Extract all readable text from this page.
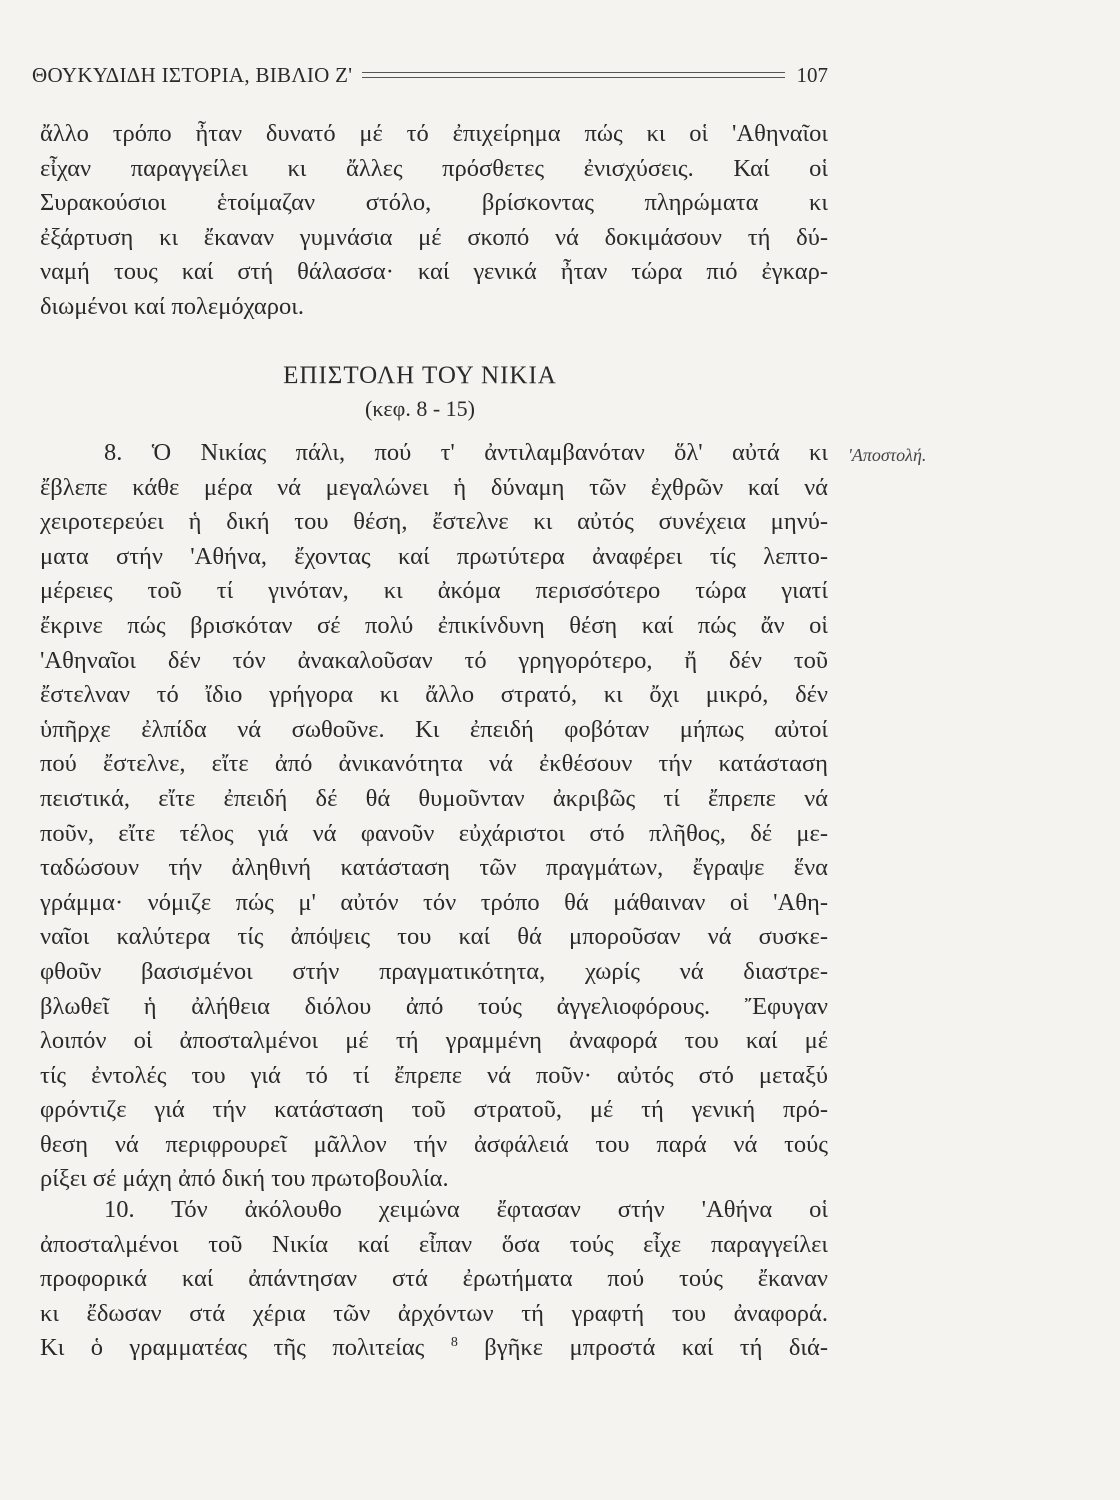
ΘΟΥΚΥΔΙΔΗ ΙΣΤΟΡΙΑ, ΒΙΒΛΙΟ Ζ'	107
ἄλλο τρόπο ἦταν δυνατό μέ τό ἐπιχείρημα πώς κι οἱ 'Αθηναῖοι
εἶχαν παραγγείλει κι ἄλλες πρόσθετες ἐνισχύσεις. Καί οἱ
Συρακούσιοι ἑτοίμαζαν στόλο, βρίσκοντας πληρώματα κι
ἐξάρτυση κι ἔκαναν γυμνάσια μέ σκοπό νά δοκιμάσουν τή δύ-
ναμή τους καί στή θάλασσα· καί γενικά ἦταν τώρα πιό ἐγκαρ-
διωμένοι καί πολεμόχαροι.
ΕΠΙΣΤΟΛΗ ΤΟΥ ΝΙΚΙΑ
(κεφ. 8 - 15)
'Αποστολή.
8. Ὁ Νικίας πάλι, πού τ' ἀντιλαμβανόταν ὅλ' αὐτά κι
ἔβλεπε κάθε μέρα νά μεγαλώνει ἡ δύναμη τῶν ἐχθρῶν καί νά
χειροτερεύει ἡ δική του θέση, ἔστελνε κι αὐτός συνέχεια μηνύ-
ματα στήν 'Αθήνα, ἔχοντας καί πρωτύτερα ἀναφέρει τίς λεπτο-
μέρειες τοῦ τί γινόταν, κι ἀκόμα περισσότερο τώρα γιατί
ἔκρινε πώς βρισκόταν σέ πολύ ἐπικίνδυνη θέση καί πώς ἄν οἱ
'Αθηναῖοι δέν τόν ἀνακαλοῦσαν τό γρηγορότερο, ἤ δέν τοῦ
ἔστελναν τό ἴδιο γρήγορα κι ἄλλο στρατό, κι ὄχι μικρό, δέν
ὑπῆρχε ἐλπίδα νά σωθοῦνε. Κι ἐπειδή φοβόταν μήπως αὐτοί
πού ἔστελνε, εἴτε ἀπό ἀνικανότητα νά ἐκθέσουν τήν κατάσταση
πειστικά, εἴτε ἐπειδή δέ θά θυμοῦνταν ἀκριβῶς τί ἔπρεπε νά
ποῦν, εἴτε τέλος γιά νά φανοῦν εὐχάριστοι στό πλῆθος, δέ με-
ταδώσουν τήν ἀληθινή κατάσταση τῶν πραγμάτων, ἔγραψε ἕνα
γράμμα· νόμιζε πώς μ' αὐτόν τόν τρόπο θά μάθαιναν οἱ 'Αθη-
ναῖοι καλύτερα τίς ἀπόψεις του καί θά μποροῦσαν νά συσκε-
φθοῦν βασισμένοι στήν πραγματικότητα, χωρίς νά διαστρε-
βλωθεῖ ἡ ἀλήθεια διόλου ἀπό τούς ἀγγελιοφόρους. Ἔφυγαν
λοιπόν οἱ ἀποσταλμένοι μέ τή γραμμένη ἀναφορά του καί μέ
τίς ἐντολές του γιά τό τί ἔπρεπε νά ποῦν· αὐτός στό μεταξύ
φρόντιζε γιά τήν κατάσταση τοῦ στρατοῦ, μέ τή γενική πρό-
θεση νά περιφρουρεῖ μᾶλλον τήν ἀσφάλειά του παρά νά τούς
ρίξει σέ μάχη ἀπό δική του πρωτοβουλία.
10. Τόν ἀκόλουθο χειμώνα ἔφτασαν στήν 'Αθήνα οἱ
ἀποσταλμένοι τοῦ Νικία καί εἶπαν ὅσα τούς εἶχε παραγγείλει
προφορικά καί ἀπάντησαν στά ἐρωτήματα πού τούς ἔκαναν
κι ἔδωσαν στά χέρια τῶν ἀρχόντων τή γραφτή του ἀναφορά.
Κι ὁ γραμματέας τῆς πολιτείας $^8$ βγῆκε μπροστά καί τή διά-
